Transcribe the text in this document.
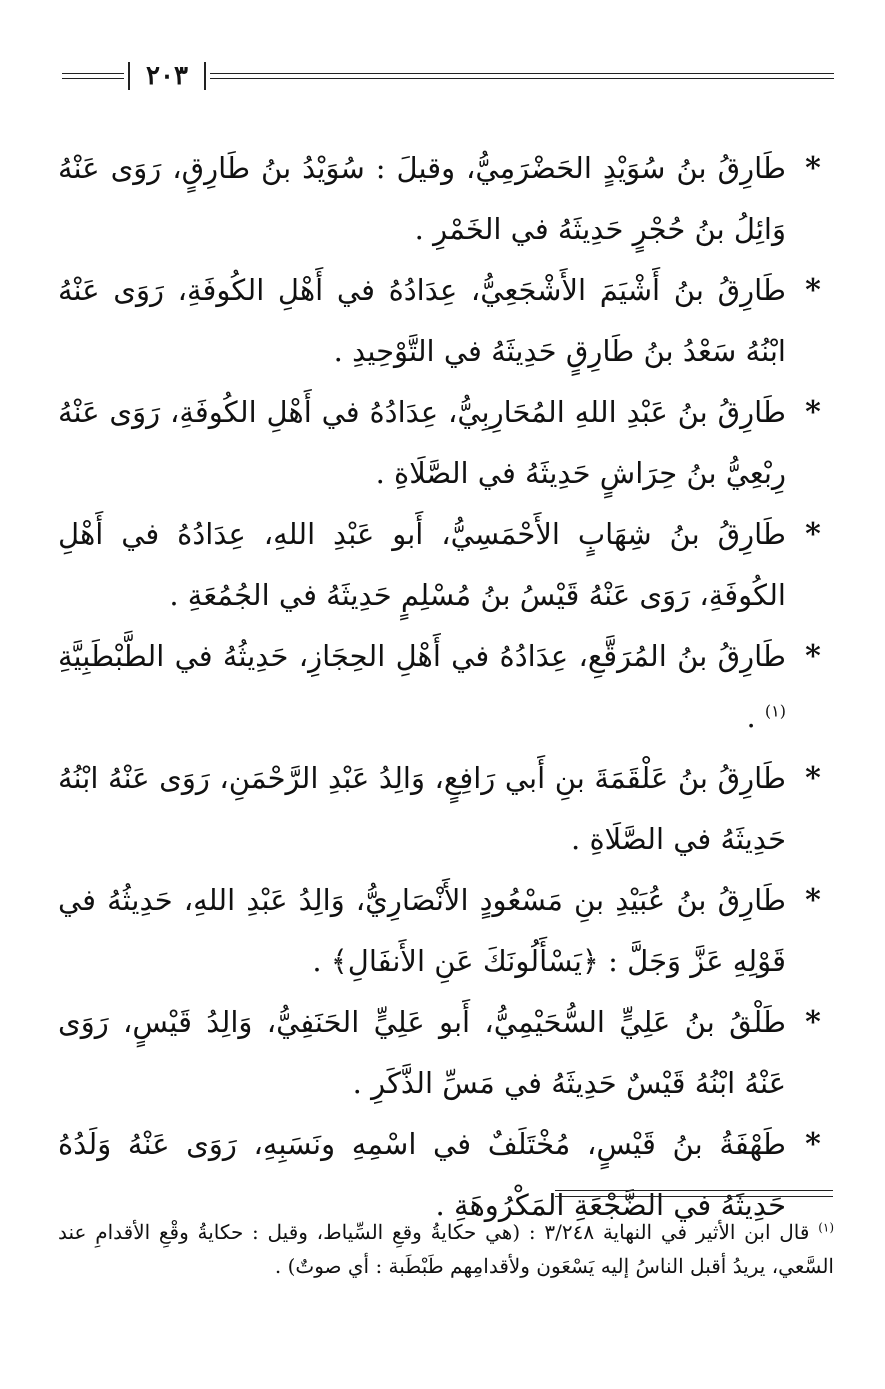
٢٠٣
*
طَارِقُ بنُ سُوَيْدٍ الحَضْرَمِيُّ، وقيلَ : سُوَيْدُ بنُ طَارِقٍ، رَوَى عَنْهُ وَائِلُ بنُ حُجْرٍ حَدِيثَهُ في الخَمْرِ .
*
طَارِقُ بنُ أَشْيَمَ الأَشْجَعِيُّ، عِدَادُهُ في أَهْلِ الكُوفَةِ، رَوَى عَنْهُ ابْنُهُ سَعْدُ بنُ طَارِقٍ حَدِيثَهُ في التَّوْحِيدِ .
*
طَارِقُ بنُ عَبْدِ اللهِ المُحَارِبِيُّ، عِدَادُهُ في أَهْلِ الكُوفَةِ، رَوَى عَنْهُ رِبْعِيُّ بنُ حِرَاشٍ حَدِيثَهُ في الصَّلَاةِ .
*
طَارِقُ بنُ شِهَابٍ الأَحْمَسِيُّ، أَبو عَبْدِ اللهِ، عِدَادُهُ في أَهْلِ الكُوفَةِ، رَوَى عَنْهُ قَيْسُ بنُ مُسْلِمٍ حَدِيثَهُ في الجُمُعَةِ .
*
طَارِقُ بنُ المُرَقَّعِ، عِدَادُهُ في أَهْلِ الحِجَازِ، حَدِيثُهُ في الطَّبْطَبِيَّةِ $^{(١)}$ .
*
طَارِقُ بنُ عَلْقَمَةَ بنِ أَبي رَافِعٍ، وَالِدُ عَبْدِ الرَّحْمَنِ، رَوَى عَنْهُ ابْنُهُ حَدِيثَهُ في الصَّلَاةِ .
*
طَارِقُ بنُ عُبَيْدِ بنِ مَسْعُودٍ الأَنْصَارِيُّ، وَالِدُ عَبْدِ اللهِ، حَدِيثُهُ في قَوْلِهِ عَزَّ وَجَلَّ : ﴿يَسْأَلُونَكَ عَنِ الأَنفَالِ﴾ .
*
طَلْقُ بنُ عَلِيٍّ السُّحَيْمِيُّ، أَبو عَلِيٍّ الحَنَفِيُّ، وَالِدُ قَيْسٍ، رَوَى عَنْهُ ابْنُهُ قَيْسٌ حَدِيثَهُ في مَسِّ الذَّكَرِ .
*
طَهْفَةُ بنُ قَيْسٍ، مُخْتَلَفٌ في اسْمِهِ ونَسَبِهِ، رَوَى عَنْهُ وَلَدُهُ حَدِيثَهُ في الضَّجْعَةِ المَكْرُوهَةِ .
$^{(١)}$ قال ابن الأثير في النهاية ٣/٢٤٨ : (هي حكايةُ وقعِ السِّياط، وقيل : حكايةُ وقْعِ الأقدامِ عند السَّعي، يريدُ أقبل الناسُ إليه يَسْعَون ولأقدامِهم طَبْطَبة : أي صوتٌ) .
